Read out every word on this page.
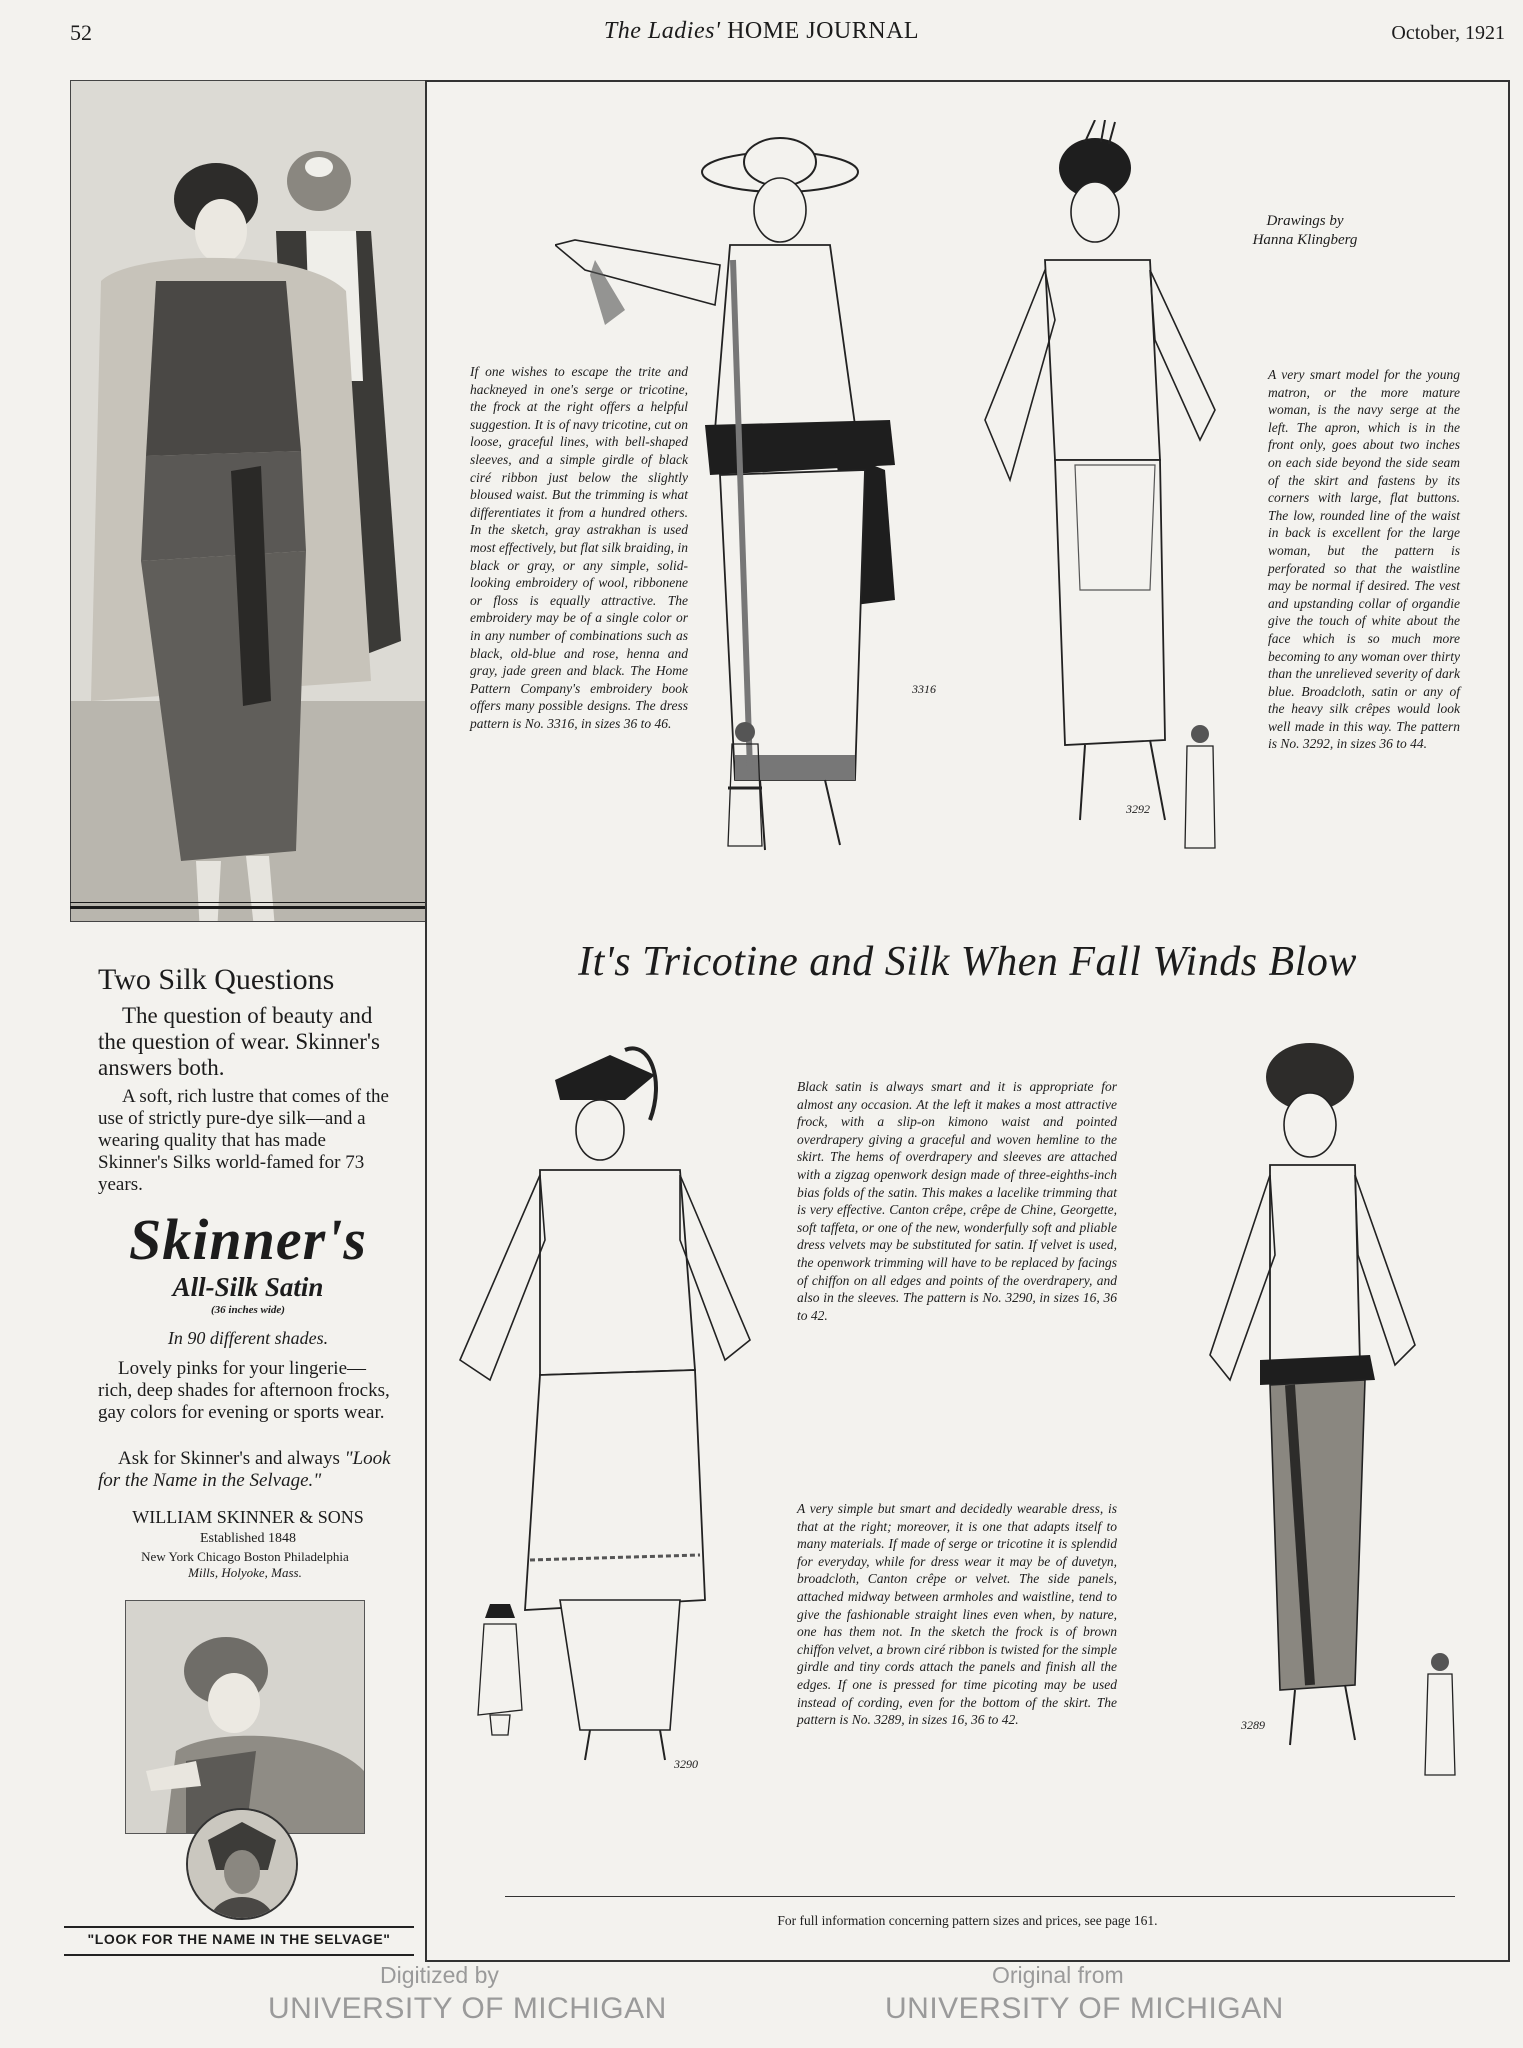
52	The Ladies' HOME JOURNAL	October, 1921
Two Silk Questions
The question of beauty and the question of wear. Skinner's answers both.
A soft, rich lustre that comes of the use of strictly pure-dye silk—and a wearing quality that has made Skinner's Silks world-famed for 73 years.
Skinner's
All-Silk Satin
(36 inches wide)
In 90 different shades.
Lovely pinks for your lingerie—rich, deep shades for afternoon frocks, gay colors for evening or sports wear.
Ask for Skinner's and always "Look for the Name in the Selvage."
WILLIAM SKINNER & SONS
Established 1848
New York Chicago Boston Philadelphia
Mills, Holyoke, Mass.
"LOOK FOR THE NAME IN THE SELVAGE"
If one wishes to escape the trite and hackneyed in one's serge or tricotine, the frock at the right offers a helpful suggestion. It is of navy tricotine, cut on loose, graceful lines, with bell-shaped sleeves, and a simple girdle of black ciré ribbon just below the slightly bloused waist. But the trimming is what differentiates it from a hundred others. In the sketch, gray astrakhan is used most effectively, but flat silk braiding, in black or gray, or any simple, solid-looking embroidery of wool, ribbonene or floss is equally attractive. The embroidery may be of a single color or in any number of combinations such as black, old-blue and rose, henna and gray, jade green and black. The Home Pattern Company's embroidery book offers many possible designs. The dress pattern is No. 3316, in sizes 36 to 46.
3316
3292
Drawings by
Hanna Klingberg
A very smart model for the young matron, or the more mature woman, is the navy serge at the left. The apron, which is in the front only, goes about two inches on each side beyond the side seam of the skirt and fastens by its corners with large, flat buttons. The low, rounded line of the waist in back is excellent for the large woman, but the pattern is perforated so that the waistline may be normal if desired. The vest and upstanding collar of organdie give the touch of white about the face which is so much more becoming to any woman over thirty than the unrelieved severity of dark blue. Broadcloth, satin or any of the heavy silk crêpes would look well made in this way. The pattern is No. 3292, in sizes 36 to 44.
It's Tricotine and Silk When Fall Winds Blow
3290
Black satin is always smart and it is appropriate for almost any occasion. At the left it makes a most attractive frock, with a slip-on kimono waist and pointed overdrapery giving a graceful and woven hemline to the skirt. The hems of overdrapery and sleeves are attached with a zigzag openwork design made of three-eighths-inch bias folds of the satin. This makes a lacelike trimming that is very effective. Canton crêpe, crêpe de Chine, Georgette, soft taffeta, or one of the new, wonderfully soft and pliable dress velvets may be substituted for satin. If velvet is used, the openwork trimming will have to be replaced by facings of chiffon on all edges and points of the overdrapery, and also in the sleeves. The pattern is No. 3290, in sizes 16, 36 to 42.
A very simple but smart and decidedly wearable dress, is that at the right; moreover, it is one that adapts itself to many materials. If made of serge or tricotine it is splendid for everyday, while for dress wear it may be of duvetyn, broadcloth, Canton crêpe or velvet. The side panels, attached midway between armholes and waistline, tend to give the fashionable straight lines even when, by nature, one has them not. In the sketch the frock is of brown chiffon velvet, a brown ciré ribbon is twisted for the simple girdle and tiny cords attach the panels and finish all the edges. If one is pressed for time picoting may be used instead of cording, even for the bottom of the skirt. The pattern is No. 3289, in sizes 16, 36 to 42.	3289
For full information concerning pattern sizes and prices, see page 161.
Digitized by
UNIVERSITY OF MICHIGAN
Original from
UNIVERSITY OF MICHIGAN
